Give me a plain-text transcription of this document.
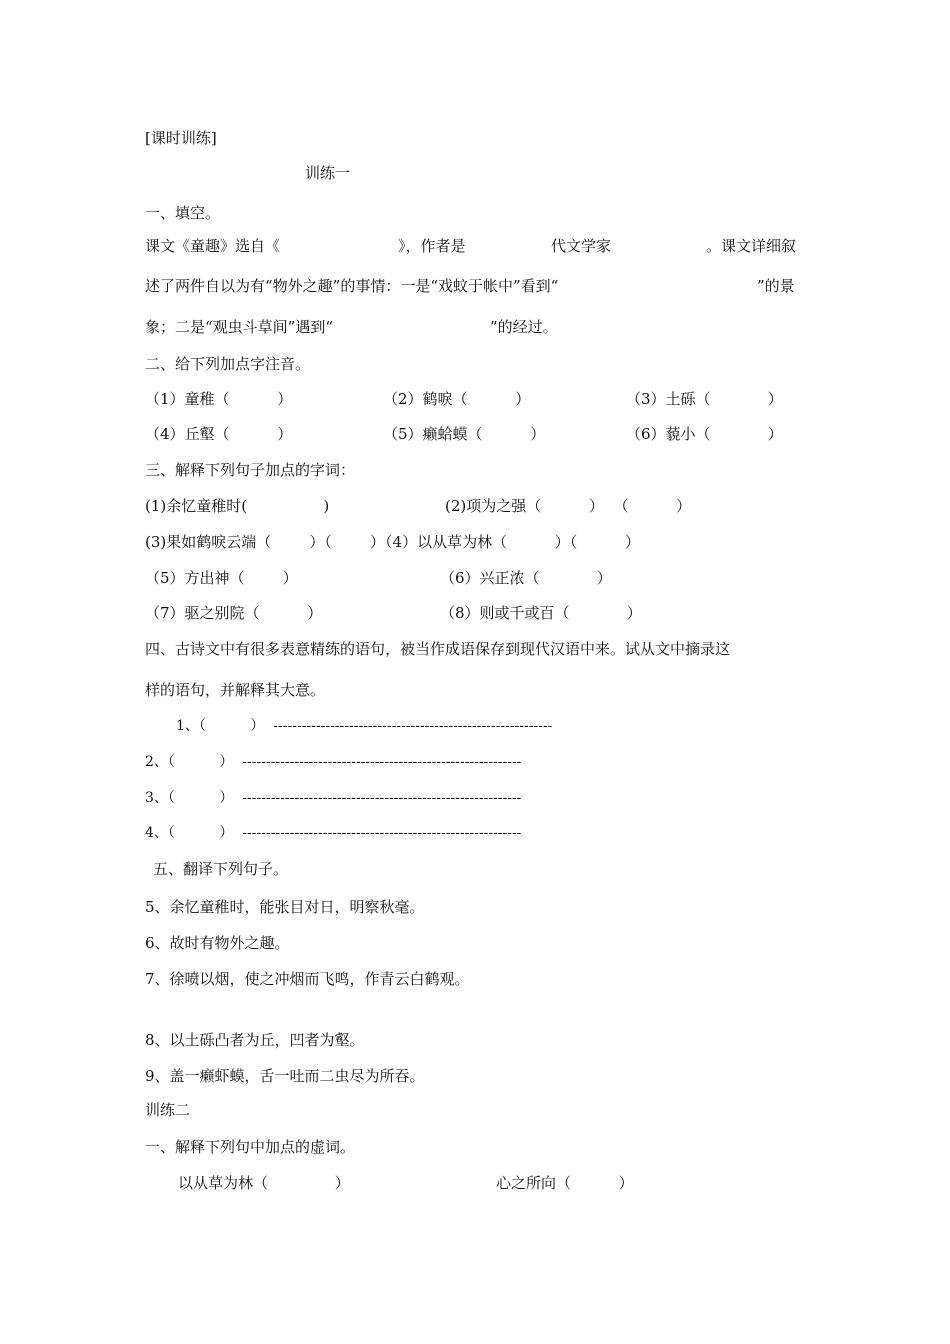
[课时训练]
训练一
一、填空。
课文《童趣》选自《	》，作者是	代文学家	。课文详细叙
述了两件自以为有“物外之趣”的事情：一是“戏蚊于帐中”看到“	”的景
象；二是“观虫斗草间”遇到“	”的经过。
二、给下列加点字注音。
（1）童稚（          ）	（2）鹤唳（          ）	（3）土砾（            ）
（4）丘壑（          ）	（5）癞蛤蟆（          ）	（6）藐小（            ）
三、解释下列句子加点的字词：
(1)余忆童稚时(                )	(2)项为之强（          ）  （          ）
(3)果如鹤唳云端（        ）（        ）（4）以从草为林（          ）（          ）
（5）方出神（        ）	（6）兴正浓（            ）
（7）驱之别院（          ）	（8）则或千或百（            ）
四、古诗文中有很多表意精练的语句，被当作成语保存到现代汉语中来。试从文中摘录这
样的语句，并解释其大意。
1、（          ）  -----------------------------------------------------------
2、（          ）  -----------------------------------------------------------
3、（          ）  -----------------------------------------------------------
4、（          ）  -----------------------------------------------------------
五、翻译下列句子。
5、余忆童稚时，能张目对日，明察秋毫。
6、故时有物外之趣。
7、徐喷以烟，使之冲烟而飞鸣，作青云白鹤观。
8、以土砾凸者为丘，凹者为壑。
9、盖一癞虾蟆，舌一吐而二虫尽为所吞。
训练二
一、解释下列句中加点的虚词。
以从草为林（              ）	心之所向（          ）
